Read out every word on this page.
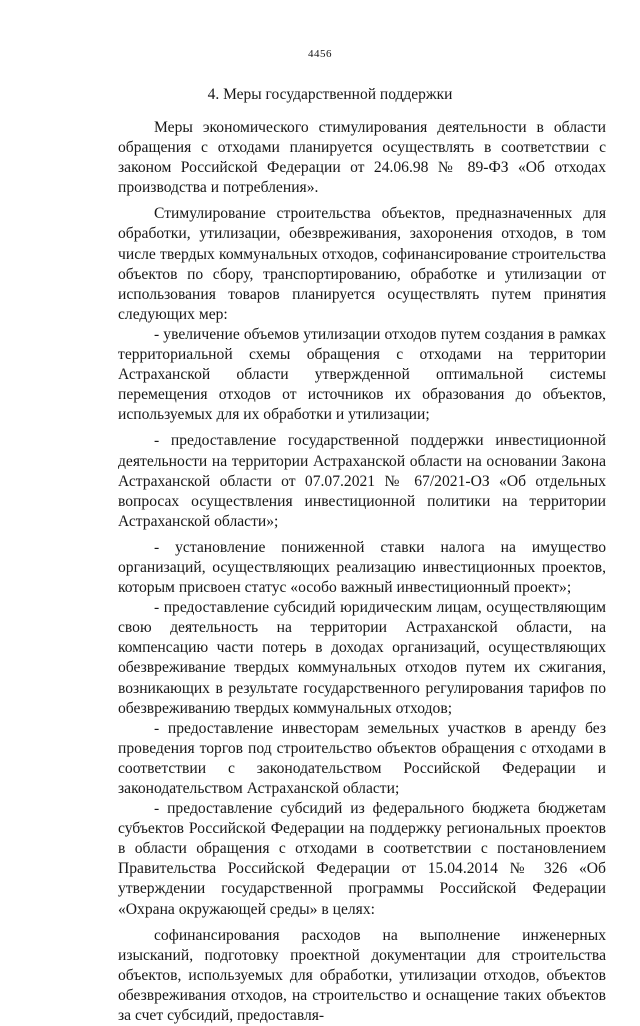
4456
4. Меры государственной поддержки

Меры экономического стимулирования деятельности в области обращения с отходами планируется осуществлять в соответствии с законом Российской Федерации от 24.06.98 № 89-ФЗ «Об отходах производства и потребления».

Стимулирование строительства объектов, предназначенных для обработки, утилизации, обезвреживания, захоронения отходов, в том числе твердых коммунальных отходов, софинансирование строительства объектов по сбору, транспортированию, обработке и утилизации от использования товаров планируется осуществлять путем принятия следующих мер:

- увеличение объемов утилизации отходов путем создания в рамках территориальной схемы обращения с отходами на территории Астраханской области утвержденной оптимальной системы перемещения отходов от источников их образования до объектов, используемых для их обработки и утилизации;

- предоставление государственной поддержки инвестиционной деятельности на территории Астраханской области на основании Закона Астраханской области от 07.07.2021 № 67/2021-ОЗ «Об отдельных вопросах осуществления инвестиционной политики на территории Астраханской области»;

- установление пониженной ставки налога на имущество организаций, осуществляющих реализацию инвестиционных проектов, которым присвоен статус «особо важный инвестиционный проект»;

- предоставление субсидий юридическим лицам, осуществляющим свою деятельность на территории Астраханской области, на компенсацию части потерь в доходах организаций, осуществляющих обезвреживание твердых коммунальных отходов путем их сжигания, возникающих в результате государственного регулирования тарифов по обезвреживанию твердых коммунальных отходов;

- предоставление инвесторам земельных участков в аренду без проведения торгов под строительство объектов обращения с отходами в соответствии с законодательством Российской Федерации и законодательством Астраханской области;

- предоставление субсидий из федерального бюджета бюджетам субъектов Российской Федерации на поддержку региональных проектов в области обращения с отходами в соответствии с постановлением Правительства Российской Федерации от 15.04.2014 № 326 «Об утверждении государственной программы Российской Федерации «Охрана окружающей среды» в целях:

софинансирования расходов на выполнение инженерных изысканий, подготовку проектной документации для строительства объектов, используемых для обработки, утилизации отходов, объектов обезвреживания отходов, на строительство и оснащение таких объектов за счет субсидий, предоставля-
